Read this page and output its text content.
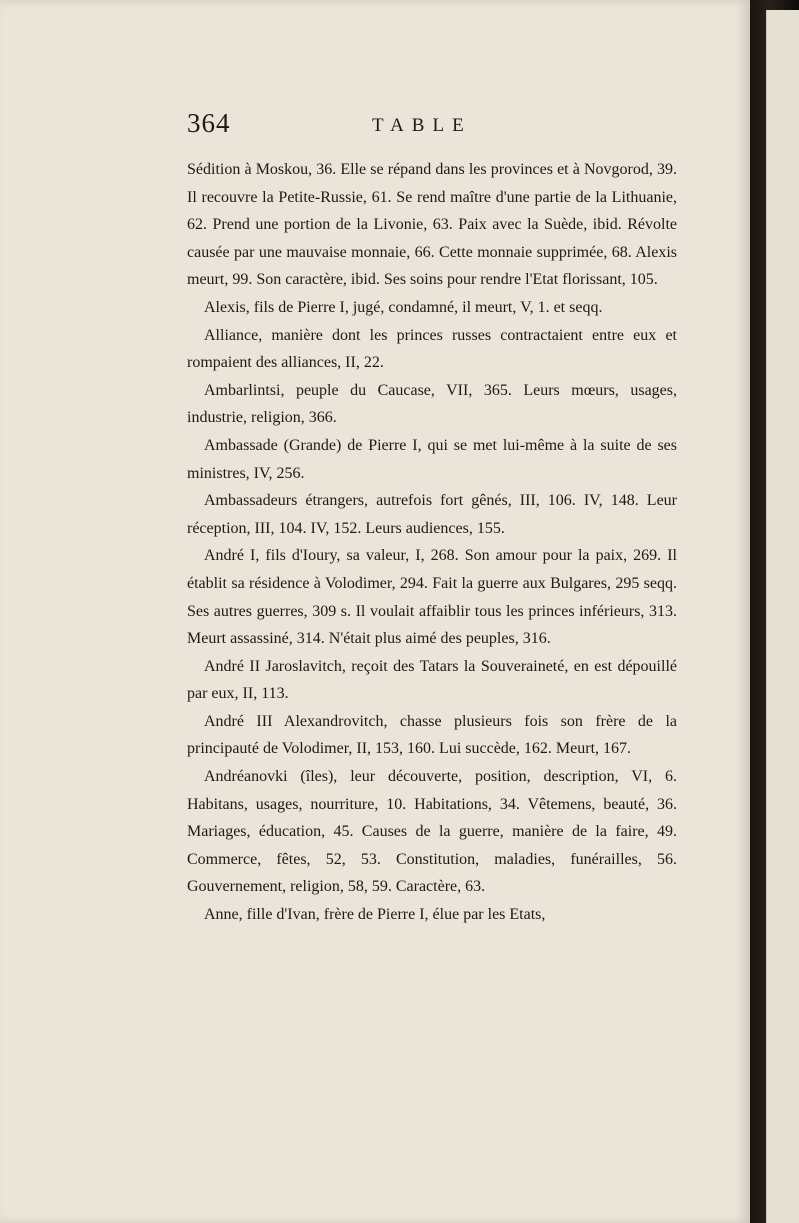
364	TABLE

Sédition à Moskou, 36. Elle se répand dans les provinces et à Novgorod, 39. Il recouvre la Petite-Russie, 61. Se rend maître d'une partie de la Lithuanie, 62. Prend une portion de la Livonie, 63. Paix avec la Suède, ibid. Révolte causée par une mauvaise monnaie, 66. Cette monnaie supprimée, 68. Alexis meurt, 99. Son caractère, ibid. Ses soins pour rendre l'Etat florissant, 105.

Alexis, fils de Pierre I, jugé, condamné, il meurt, V, 1. et seqq.

Alliance, manière dont les princes russes contractaient entre eux et rompaient des alliances, II, 22.

Ambarlintsi, peuple du Caucase, VII, 365. Leurs mœurs, usages, industrie, religion, 366.

Ambassade (Grande) de Pierre I, qui se met lui-même à la suite de ses ministres, IV, 256.

Ambassadeurs étrangers, autrefois fort gênés, III, 106. IV, 148. Leur réception, III, 104. IV, 152. Leurs audiences, 155.

André I, fils d'Ioury, sa valeur, I, 268. Son amour pour la paix, 269. Il établit sa résidence à Volodimer, 294. Fait la guerre aux Bulgares, 295 seqq. Ses autres guerres, 309 s. Il voulait affaiblir tous les princes inférieurs, 313. Meurt assassiné, 314. N'était plus aimé des peuples, 316.

André II Jaroslavitch, reçoit des Tatars la Souveraineté, en est dépouillé par eux, II, 113.

André III Alexandrovitch, chasse plusieurs fois son frère de la principauté de Volodimer, II, 153, 160. Lui succède, 162. Meurt, 167.

Andréanovki (îles), leur découverte, position, description, VI, 6. Habitans, usages, nourriture, 10. Habitations, 34. Vêtemens, beauté, 36. Mariages, éducation, 45. Causes de la guerre, manière de la faire, 49. Commerce, fêtes, 52, 53. Constitution, maladies, funérailles, 56. Gouvernement, religion, 58, 59. Caractère, 63.

Anne, fille d'Ivan, frère de Pierre I, élue par les Etats,
